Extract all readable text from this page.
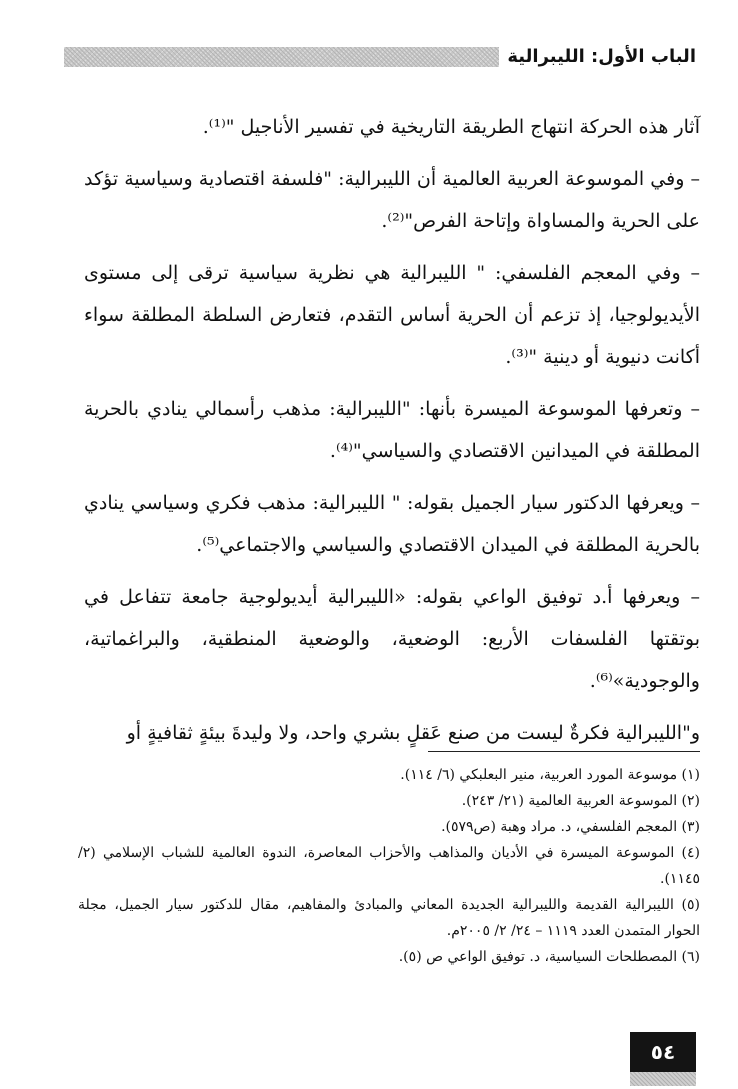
الباب الأول: الليبرالية

آثار هذه الحركة انتهاج الطريقة التاريخية في تفسير الأناجيل "⁽¹⁾.

– وفي الموسوعة العربية العالمية أن الليبرالية: "فلسفة اقتصادية وسياسية تؤكد على الحرية والمساواة وإتاحة الفرص"⁽²⁾.

– وفي المعجم الفلسفي: " الليبرالية هي نظرية سياسية ترقى إلى مستوى الأيديولوجيا، إذ تزعم أن الحرية أساس التقدم، فتعارض السلطة المطلقة سواء أكانت دنيوية أو دينية "⁽³⁾.

– وتعرفها الموسوعة الميسرة بأنها: "الليبرالية: مذهب رأسمالي ينادي بالحرية المطلقة في الميدانين الاقتصادي والسياسي"⁽⁴⁾.

– ويعرفها الدكتور سيار الجميل بقوله: " الليبرالية: مذهب فكري وسياسي ينادي بالحرية المطلقة في الميدان الاقتصادي والسياسي والاجتماعي⁽⁵⁾.

– ويعرفها أ.د توفيق الواعي بقوله: «الليبرالية أيديولوجية جامعة تتفاعل في بوتقتها الفلسفات الأربع: الوضعية، والوضعية المنطقية، والبراغماتية، والوجودية»⁽⁶⁾.

و"الليبرالية فكرةٌ ليست من صنع عَقلٍ بشري واحد، ولا وليدةَ بيئةٍ ثقافيةٍ أو

(١) موسوعة المورد العربية، منير البعلبكي (٦/ ١١٤).

(٢) الموسوعة العربية العالمية (٢١/ ٢٤٣).

(٣) المعجم الفلسفي، د. مراد وهبة (ص٥٧٩).

(٤) الموسوعة الميسرة في الأديان والمذاهب والأحزاب المعاصرة، الندوة العالمية للشباب الإسلامي (٢/ ١١٤٥).

(٥) الليبرالية القديمة والليبرالية الجديدة المعاني والمبادئ والمفاهيم، مقال للدكتور سيار الجميل، مجلة الحوار المتمدن العدد ١١١٩ – ٢٤/ ٢/ ٢٠٠٥م.

(٦) المصطلحات السياسية، د. توفيق الواعي ص (٥).

٥٤
